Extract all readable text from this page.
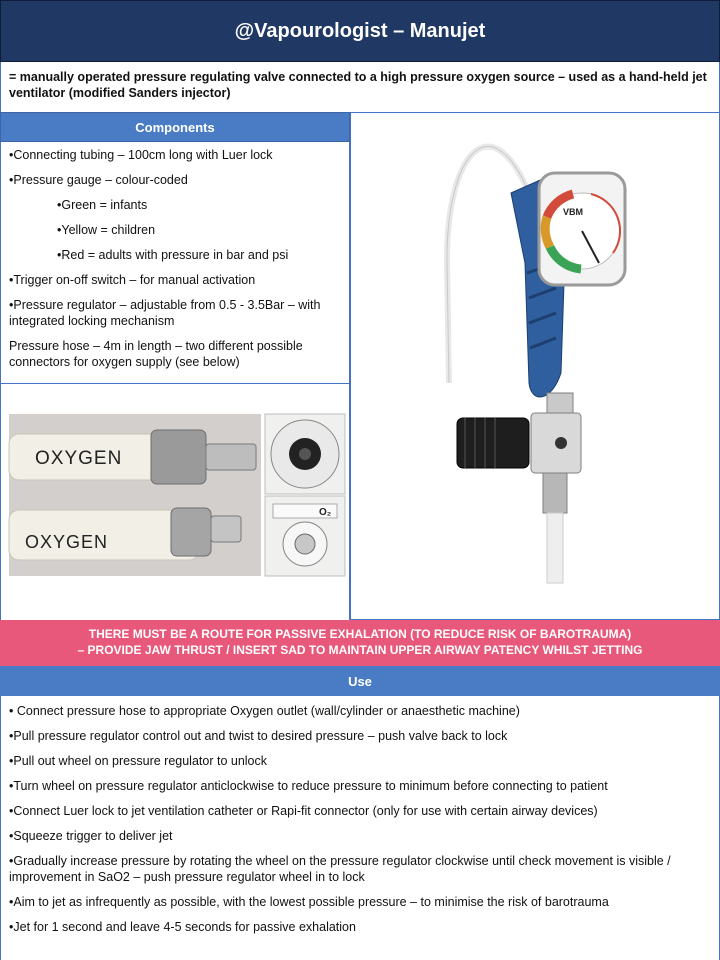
@Vapourologist – Manujet
= manually operated pressure regulating valve connected to a high pressure oxygen source – used as a hand-held jet ventilator (modified Sanders injector)
Components
•Connecting tubing – 100cm long with Luer lock
•Pressure gauge – colour-coded
•Green = infants
•Yellow = children
•Red = adults with pressure in bar and psi
•Trigger on-off switch – for manual activation
•Pressure regulator – adjustable from 0.5 - 3.5Bar – with integrated locking mechanism
Pressure hose – 4m in length – two different possible connectors for oxygen supply (see below)
OXYGEN
OXYGEN
O₂
VBM
THERE MUST BE A ROUTE FOR PASSIVE EXHALATION (TO REDUCE RISK OF BAROTRAUMA)
– PROVIDE JAW THRUST / INSERT SAD TO MAINTAIN UPPER AIRWAY PATENCY WHILST JETTING
Use
• Connect pressure hose to appropriate Oxygen outlet (wall/cylinder or anaesthetic machine)
•Pull pressure regulator control out and twist to desired pressure – push valve back to lock
•Pull out wheel on pressure regulator to unlock
•Turn wheel on pressure regulator anticlockwise to reduce pressure to minimum before connecting to patient
•Connect Luer lock to jet ventilation catheter or Rapi-fit connector (only for use with certain airway devices)
•Squeeze trigger to deliver jet
•Gradually increase pressure by rotating the wheel on the pressure regulator clockwise until check movement is visible / improvement in SaO2 – push pressure regulator wheel in to lock
•Aim to jet as infrequently as possible, with the lowest possible pressure – to minimise the risk of barotrauma
•Jet for 1 second and leave 4-5 seconds for passive exhalation
